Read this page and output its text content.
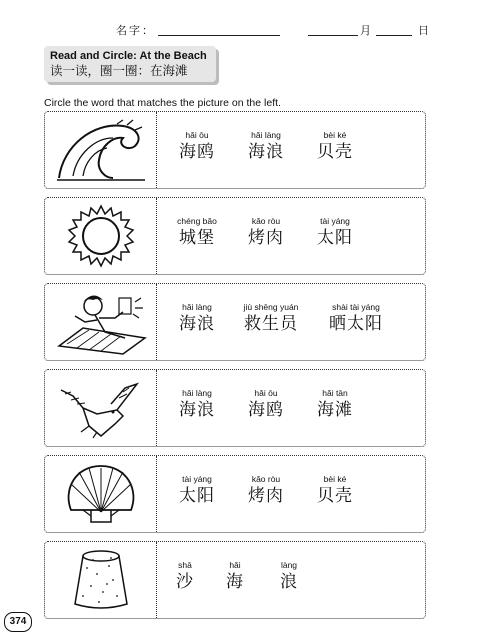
名字：	月	日
Read and Circle: At the Beach
读一读，圈一圈：在海滩
Circle the word that matches the picture on the left.
hǎi ōu
海鸥
hǎi làng
海浪
bèi ké
贝壳
chéng bǎo
城堡
kǎo ròu
烤肉
tài yáng
太阳
hǎi làng
海浪
jiù shēng yuán
救生员
shài tài yáng
晒太阳
hǎi làng
海浪
hǎi ōu
海鸥
hǎi tān
海滩
tài yáng
太阳
kǎo ròu
烤肉
bèi ké
贝壳
shā
沙
hǎi
海
làng
浪
374
